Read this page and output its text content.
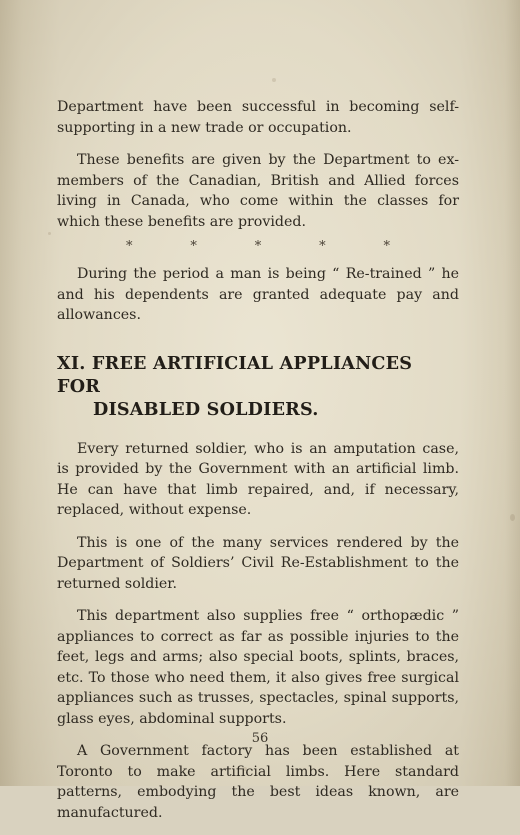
Department have been successful in becoming self-supporting in a new trade or occupation.

These benefits are given by the Department to ex-members of the Canadian, British and Allied forces living in Canada, who come within the classes for which these benefits are provided.

*	*	*	*	*

During the period a man is being “ Re-trained ” he and his dependents are granted adequate pay and allowances.

XI. FREE ARTIFICIAL APPLIANCES FOR
DISABLED SOLDIERS.

Every returned soldier, who is an amputation case, is provided by the Government with an artificial limb. He can have that limb repaired, and, if necessary, replaced, without expense.

This is one of the many services rendered by the Department of Soldiers’ Civil Re-Establishment to the returned soldier.

This department also supplies free “ orthopædic ” appliances to correct as far as possible injuries to the feet, legs and arms; also special boots, splints, braces, etc. To those who need them, it also gives free surgical appliances such as trusses, spectacles, spinal supports, glass eyes, abdominal supports.

A Government factory has been established at Toronto to make artificial limbs. Here standard patterns, embodying the best ideas known, are manufactured.

56
